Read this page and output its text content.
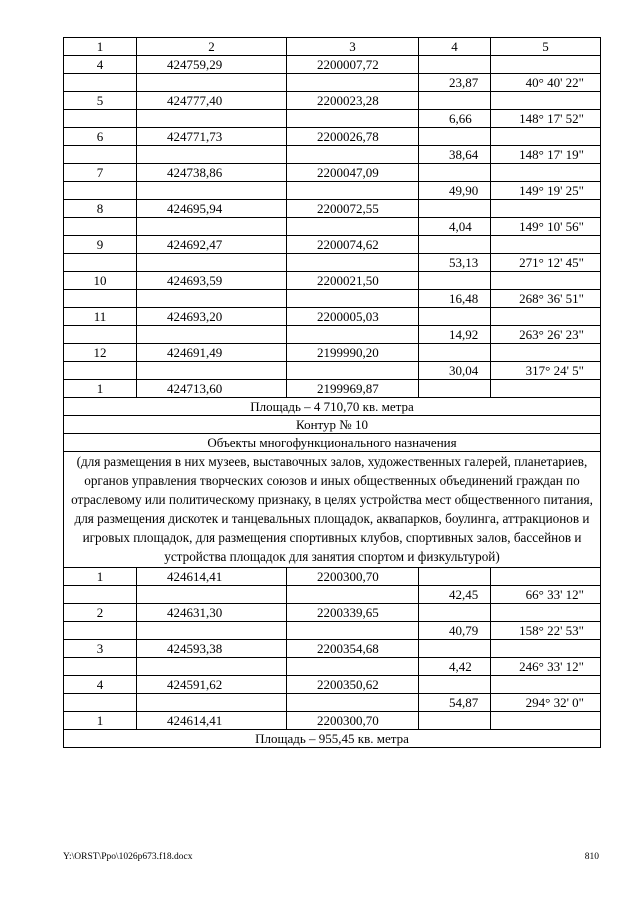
1	2	3	4	5
4	424759,29	2200007,72		
			23,87	40° 40' 22"
5	424777,40	2200023,28		
			6,66	148° 17' 52"
6	424771,73	2200026,78		
			38,64	148° 17' 19"
7	424738,86	2200047,09		
			49,90	149° 19' 25"
8	424695,94	2200072,55		
			4,04	149° 10' 56"
9	424692,47	2200074,62		
			53,13	271° 12' 45"
10	424693,59	2200021,50		
			16,48	268° 36' 51"
11	424693,20	2200005,03		
			14,92	263° 26' 23"
12	424691,49	2199990,20		
			30,04	317° 24' 5"
1	424713,60	2199969,87		
Площадь – 4 710,70 кв. метра				
Контур № 10				
Объекты многофункционального назначения				
(для размещения в них музеев, выставочных залов, художественных галерей, планетариев, органов управления творческих союзов и иных общественных объединений граждан по отраслевому или политическому признаку, в целях устройства мест общественного питания, для размещения дискотек и танцевальных площадок, аквапарков, боулинга, аттракционов и игровых площадок, для размещения спортивных клубов, спортивных залов, бассейнов и устройства площадок для занятия спортом и физкультурой)				
1	424614,41	2200300,70		
			42,45	66° 33' 12"
2	424631,30	2200339,65		
			40,79	158° 22' 53"
3	424593,38	2200354,68		
			4,42	246° 33' 12"
4	424591,62	2200350,62		
			54,87	294° 32' 0"
1	424614,41	2200300,70		
Площадь – 955,45 кв. метра				
Y:\ORST\Ppo\1026p673.f18.docx	810
